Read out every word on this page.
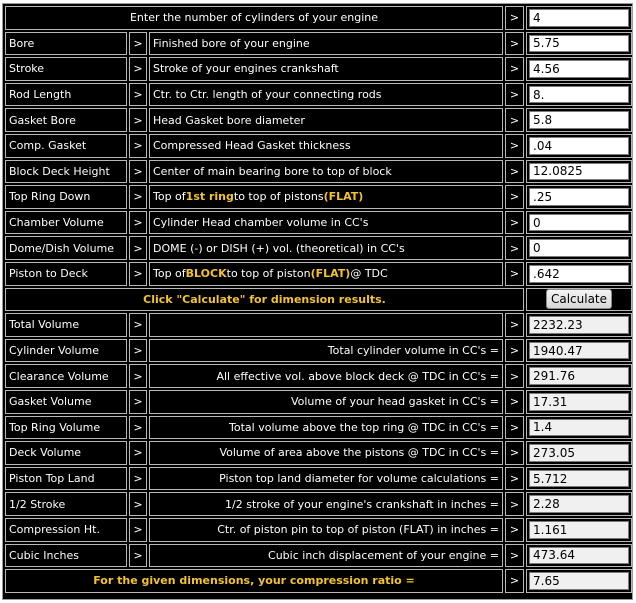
Enter the number of cylinders of your engine	>	4
Bore	> Finished bore of your engine	>	5.75
Stroke	> Stroke of your engines crankshaft	>	4.56
Rod Length	> Ctr. to Ctr. length of your connecting rods	>	8.
Gasket Bore	> Head Gasket bore diameter	>	5.8
Comp. Gasket	> Compressed Head Gasket thickness	>	.04
Block Deck Height	> Center of main bearing bore to top of block	>	12.0825
Top Ring Down	> Top of 1st ring to top of pistons (FLAT)	>	.25
Chamber Volume	> Cylinder Head chamber volume in CC's	>	0
Dome/Dish Volume	> DOME (-) or DISH (+) vol. (theoretical) in CC's	>	0
Piston to Deck	> Top of BLOCK to top of piston (FLAT) @ TDC	>	.642
Click "Calculate" for dimension results.	Calculate
Total Volume	>	>	2232.23
Cylinder Volume	>	Total cylinder volume in CC's = >	1940.47
Clearance Volume	>	All effective vol. above block deck @ TDC in CC's = >	291.76
Gasket Volume	>	Volume of your head gasket in CC's = >	17.31
Top Ring Volume	>	Total volume above the top ring @ TDC in CC's = >	1.4
Deck Volume	>	Volume of area above the pistons @ TDC in CC's = >	273.05
Piston Top Land	>	Piston top land diameter for volume calculations = >	5.712
1/2 Stroke	>	1/2 stroke of your engine's crankshaft in inches = >	2.28
Compression Ht.	>	Ctr. of piston pin to top of piston (FLAT) in inches = >	1.161
Cubic Inches	>	Cubic inch displacement of your engine = >	473.64
For the given dimensions, your compression ratio =	>	7.65
